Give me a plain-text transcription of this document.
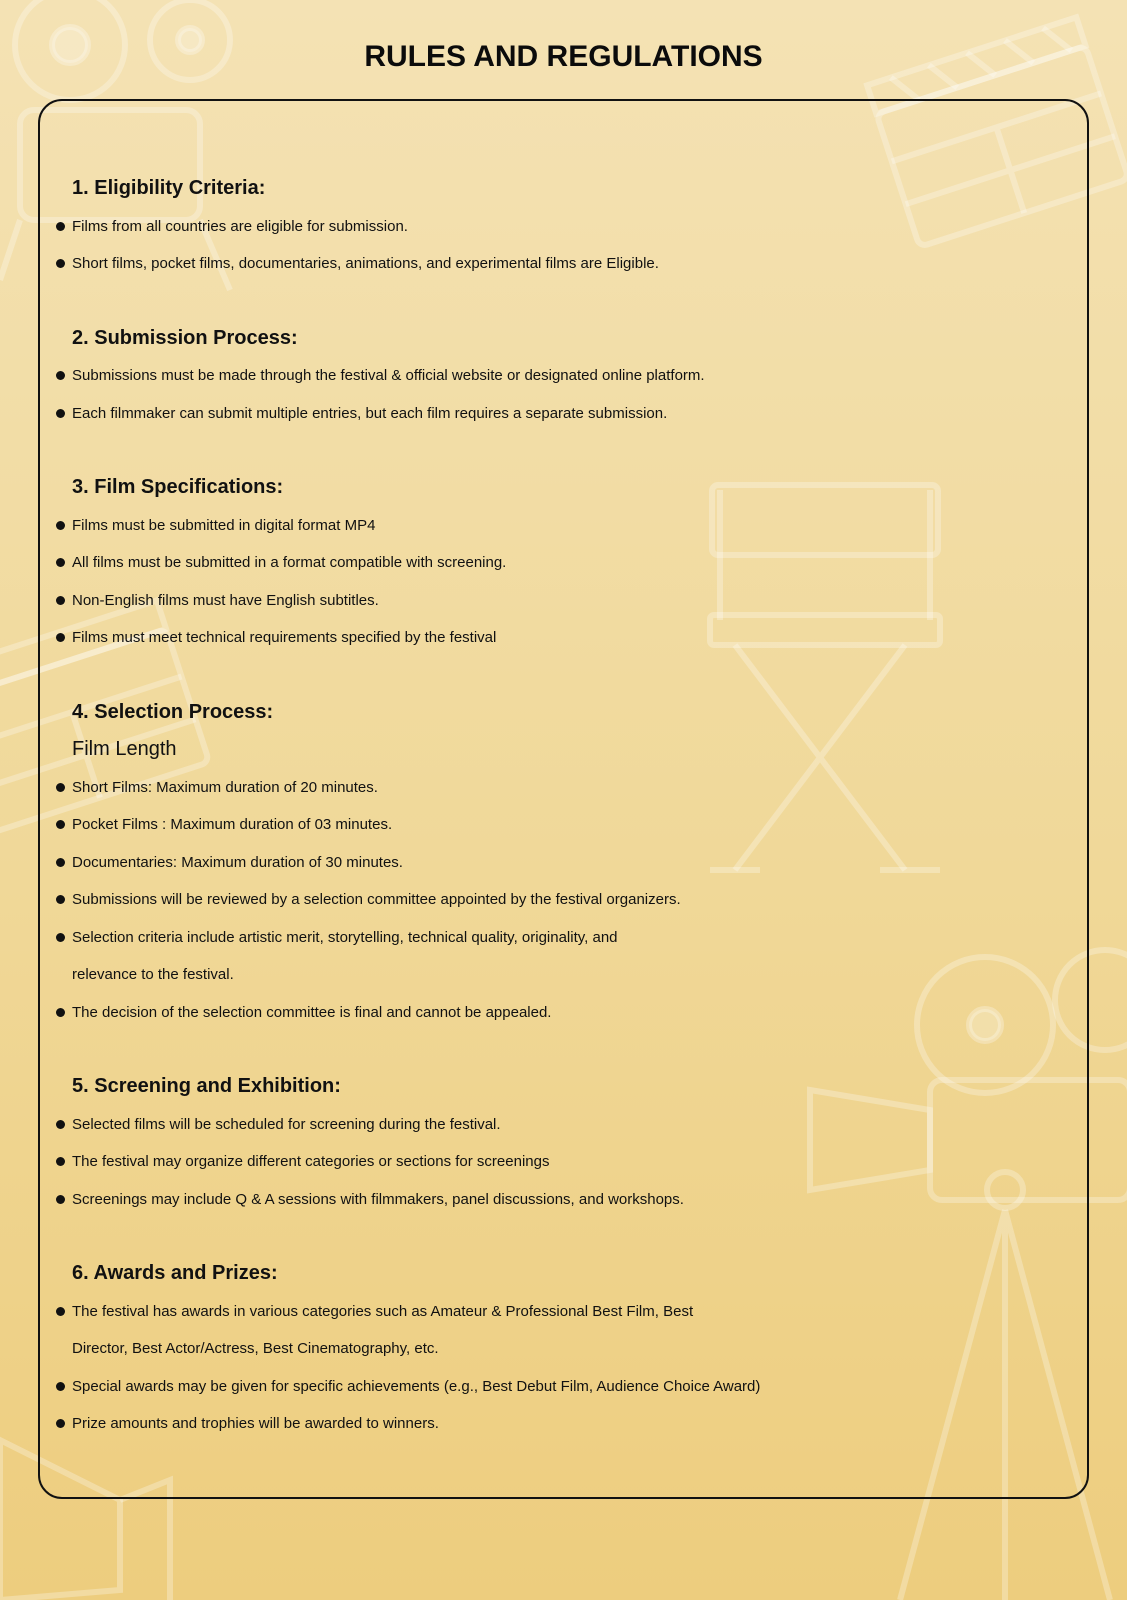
RULES AND REGULATIONS
1. Eligibility Criteria:
Films from all countries are eligible for submission.
Short films, pocket films, documentaries, animations, and experimental films are Eligible.
2. Submission Process:
Submissions must be made through the festival & official website or designated online platform.
Each filmmaker can submit multiple entries, but each film requires a separate submission.
3. Film Specifications:
Films must be submitted in digital format MP4
All films must be submitted in a format compatible with screening.
Non-English films must have English subtitles.
Films must meet technical requirements specified by the festival
4. Selection Process:
Film Length
Short Films: Maximum duration of 20 minutes.
Pocket Films : Maximum duration of 03 minutes.
Documentaries: Maximum duration of 30 minutes.
Submissions will be reviewed by a selection committee appointed by the festival organizers.
Selection criteria include artistic merit, storytelling, technical quality, originality, and
relevance to the festival.
The decision of the selection committee is final and cannot be appealed.
5. Screening and Exhibition:
Selected films will be scheduled for screening during the festival.
The festival may organize different categories or sections for screenings
Screenings may include Q & A sessions with filmmakers, panel discussions, and workshops.
6. Awards and Prizes:
The festival has awards in various categories such as Amateur & Professional Best Film, Best
Director, Best Actor/Actress, Best Cinematography, etc.
Special awards may be given for specific achievements (e.g., Best Debut Film, Audience Choice Award)
Prize amounts and trophies will be awarded to winners.
